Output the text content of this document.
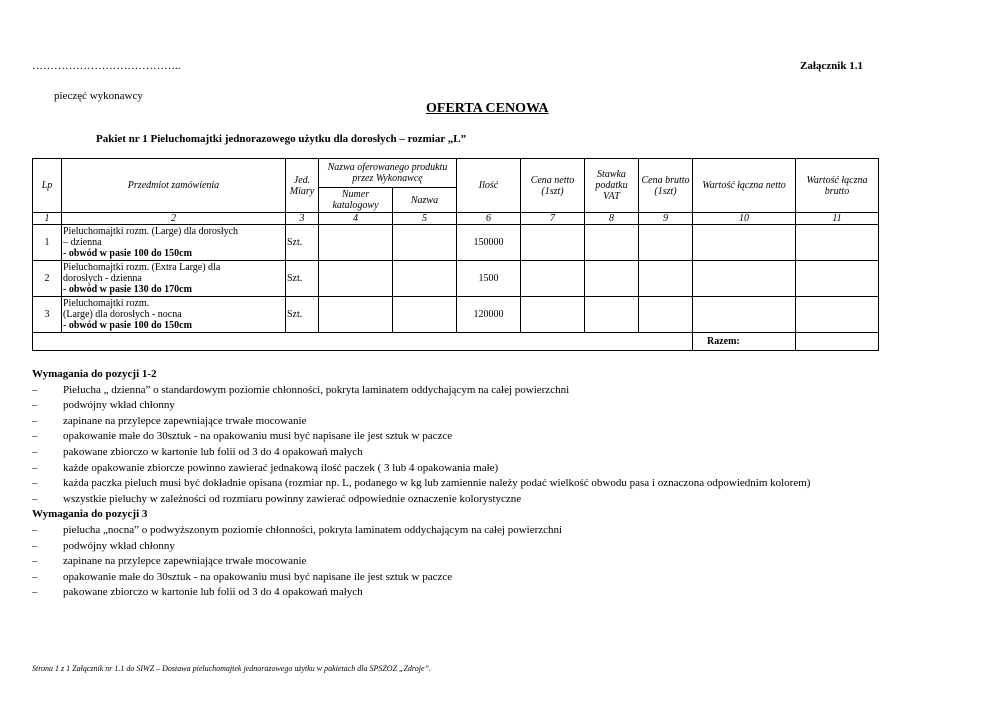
…………………………………..	Załącznik 1.1
pieczęć wykonawcy
OFERTA CENOWA
Pakiet nr 1 Pieluchomajtki jednorazowego użytku dla dorosłych – rozmiar „L”
Lp	Przedmiot zamówienia	Jed. Miary	Nazwa oferowanego produktu przez Wykonawcę		Ilość	Cena netto (1szt)	Stawka podatku VAT	Cena brutto (1szt)	Wartość łączna netto	Wartość łączna brutto
			Numer katalogowy	Nazwa						
1	2	3	4	5	6	7	8	9	10	11
1	Pieluchomajtki rozm. (Large) dla dorosłych
– dzienna
- obwód w pasie 100 do 150cm	Szt.			150000					
2	Pieluchomajtki rozm. (Extra Large) dla
dorosłych - dzienna
- obwód w pasie 130 do 170cm	Szt.			1500					
3	Pieluchomajtki rozm.
(Large) dla dorosłych - nocna
- obwód w pasie 100 do 150cm	Szt.			120000					
									Razem:	
Wymagania do pozycji 1-2
– Pielucha „ dzienna” o standardowym poziomie chłonności, pokryta laminatem oddychającym na całej powierzchni
– podwójny wkład chłonny
– zapinane na przylepce zapewniające trwałe mocowanie
– opakowanie małe do 30sztuk - na opakowaniu musi być napisane ile jest sztuk w paczce
– pakowane zbiorczo w kartonie lub folii od 3 do 4 opakowań małych
– każde opakowanie zbiorcze powinno zawierać jednakową ilość paczek ( 3 lub 4 opakowania małe)
– każda paczka pieluch musi być dokładnie opisana (rozmiar np. L, podanego w kg lub zamiennie należy podać wielkość obwodu pasa i oznaczona odpowiednim kolorem)
– wszystkie pieluchy w zależności od rozmiaru powinny zawierać odpowiednie oznaczenie kolorystyczne
Wymagania do pozycji 3
– pielucha „nocna” o podwyższonym poziomie chłonności, pokryta laminatem oddychającym na całej powierzchni
– podwójny wkład chłonny
– zapinane na przylepce zapewniające trwałe mocowanie
– opakowanie małe do 30sztuk - na opakowaniu musi być napisane ile jest sztuk w paczce
– pakowane zbiorczo w kartonie lub folii od 3 do 4 opakowań małych
Strona 1 z 1 Załącznik nr 1.1 do SIWZ – Dostawa pieluchomajtek jednorazowego użytku w pakietach dla SPSZOZ „Zdroje”.
